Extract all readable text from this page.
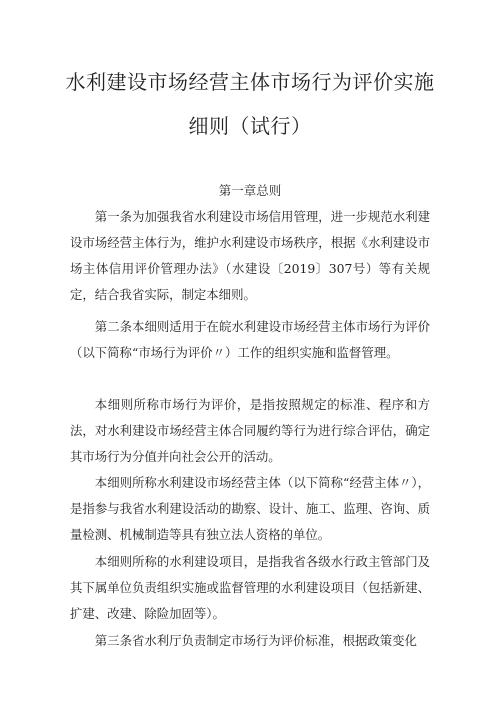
水利建设市场经营主体市场行为评价实施
细则（试行）
第一章总则
第一条为加强我省水利建设市场信用管理，进一步规范水利建设市场经营主体行为，维护水利建设市场秩序，根据《水利建设市场主体信用评价管理办法》（水建设〔2019〕307号）等有关规定，结合我省实际，制定本细则。
第二条本细则适用于在皖水利建设市场经营主体市场行为评价（以下简称“市场行为评价〃）工作的组织实施和监督管理。
本细则所称市场行为评价，是指按照规定的标准、程序和方法，对水利建设市场经营主体合同履约等行为进行综合评估，确定其市场行为分值并向社会公开的活动。
本细则所称水利建设市场经营主体（以下简称“经营主体〃），是指参与我省水利建设活动的勘察、设计、施工、监理、咨询、质量检测、机械制造等具有独立法人资格的单位。
本细则所称的水利建设项目，是指我省各级水行政主管部门及其下属单位负责组织实施或监督管理的水利建设项目（包括新建、扩建、改建、除险加固等）。
第三条省水利厅负责制定市场行为评价标准，根据政策变化
